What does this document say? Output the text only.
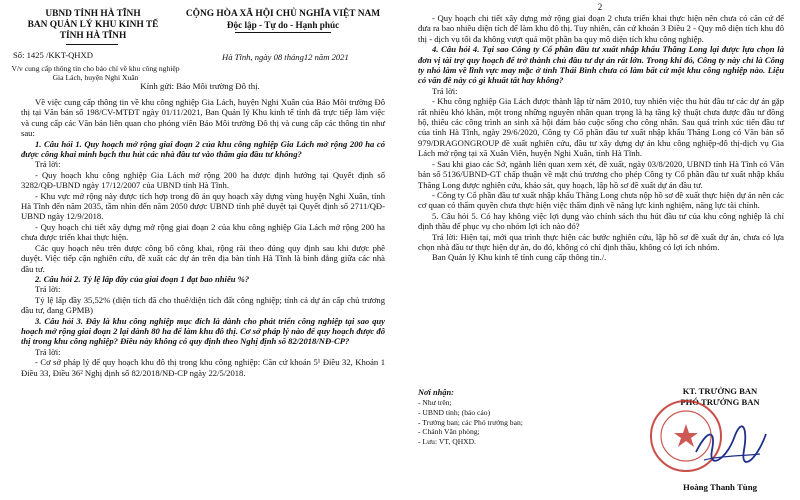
UBND TỈNH HÀ TĨNH
BAN QUẢN LÝ KHU KINH TẾ
TỈNH HÀ TĨNH
CỘNG HÒA XÃ HỘI CHỦ NGHĨA VIỆT NAM
Độc lập - Tự do - Hạnh phúc
Số: 1425 /KKT-QHXD	Hà Tĩnh, ngày 08 tháng12 năm 2021
V/v cung cấp thông tin cho báo chí về khu công nghiệp Gia Lách, huyện Nghi Xuân
Kính gửi: Báo Môi trường Đô thị.
Về việc cung cấp thông tin về khu công nghiệp Gia Lách, huyện Nghi Xuân của Báo Môi trường Đô thị tại Văn bản số 198/CV-MTĐT ngày 01/11/2021, Ban Quản lý Khu kinh tế tỉnh đã trực tiếp làm việc và cung cấp các Văn bản liên quan cho phóng viên Báo Môi trường Đô thị và cung cấp các thông tin như sau:
1. Câu hỏi 1. Quy hoạch mở rộng giai đoạn 2 của khu công nghiệp Gia Lách mở rộng 200 ha có được công khai minh bạch thu hút các nhà đầu tư vào thăm gia đầu tư không?
Trả lời:
- Quy hoạch khu công nghiệp Gia Lách mở rộng 200 ha được định hướng tại Quyết định số 3282/QĐ-UBND ngày 17/12/2007 của UBND tỉnh Hà Tĩnh.
- Khu vực mở rộng này được tích hợp trong đồ án quy hoạch xây dựng vùng huyện Nghi Xuân, tỉnh Hà Tĩnh đến năm 2035, tầm nhìn đến năm 2050 được UBND tỉnh phê duyệt tại Quyết định số 2711/QĐ-UBND ngày 12/9/2018.
- Quy hoạch chi tiết xây dựng mở rộng giai đoạn 2 của khu công nghiệp Gia Lách mở rộng 200 ha chưa được triển khai thực hiện.
Các quy hoạch nêu trên được công bố công khai, rộng rãi theo đúng quy định sau khi được phê duyệt. Việc tiếp cận nghiên cứu, đề xuất các dự án trên địa bàn tỉnh Hà Tĩnh là bình đẳng giữa các nhà đầu tư.
2. Câu hỏi 2. Tỷ lệ lấp đầy của giai đoạn 1 đạt bao nhiêu %?
Trả lời:
Tỷ lệ lấp đầy 35,52% (diện tích đã cho thuê/diện tích đất công nghiệp; tính cả dự án cấp chủ trương đầu tư, đang GPMB)
3. Câu hỏi 3. Đây là khu công nghiệp mục đích là dành cho phát triển công nghiệp tại sao quy hoạch mở rộng giai đoạn 2 lại dành 80 ha để làm khu đô thị. Cơ sở pháp lý nào để quy hoạch được đô thị trong khu công nghiệp? Điều này không có quy định theo Nghị định số 82/2018/NĐ-CP?
Trả lời:
- Cơ sở pháp lý để quy hoạch khu đô thị trong khu công nghiệp: Căn cứ khoản 5¹ Điều 32, Khoản 1 Điều 33, Điều 36² Nghị định số 82/2018/NĐ-CP ngày 22/5/2018.
2
- Quy hoạch chi tiết xây dựng mở rộng giai đoạn 2 chưa triển khai thực hiện nên chưa có căn cứ để đưa ra bao nhiêu diện tích để làm khu đô thị. Tuy nhiên, căn cứ khoản 3 Điều 2 - Quy mô diện tích khu đô thị - dịch vụ tối đa không vượt quá một phần ba quy mô diện tích khu công nghiệp.
4. Câu hỏi 4. Tại sao Công ty Cổ phần đầu tư xuất nhập khẩu Thăng Long lại được lựa chọn là đơn vị tài trợ quy hoạch để trở thành chủ đầu tư dự án rất lớn. Trong khi đó, Công ty này chỉ là Công ty nhỏ làm về lĩnh vực may mặc ở tỉnh Thái Bình chưa có làm bất cứ một khu công nghiệp nào. Liệu có vấn đề này có gì khuất tất hay không?
Trả lời:
- Khu công nghiệp Gia Lách được thành lập từ năm 2010, tuy nhiên việc thu hút đầu tư các dự án gặp rất nhiều khó khăn, một trong những nguyên nhân quan trọng là hạ tầng kỹ thuật chưa được đầu tư đồng bộ, thiếu các công trình an sinh xã hội đảm bảo cuộc sống cho công nhân. Sau quá trình xúc tiến đầu tư của tỉnh Hà Tĩnh, ngày 29/6/2020, Công ty Cổ phần đầu tư xuất nhập khẩu Thăng Long có Văn bản số 979/DRAGONGROUP đề xuất nghiên cứu, đầu tư xây dựng dự án khu công nghiệp-đô thị-dịch vụ Gia Lách mở rộng tại xã Xuân Viên, huyện Nghi Xuân, tỉnh Hà Tĩnh.
- Sau khi giao các Sở, ngành liên quan xem xét, đề xuất, ngày 03/8/2020, UBND tỉnh Hà Tĩnh có Văn bản số 5136/UBND-GT chấp thuận về mặt chủ trương cho phép Công ty Cổ phần đầu tư xuất nhập khẩu Thăng Long được nghiên cứu, khảo sát, quy hoạch, lập hồ sơ đề xuất dự án đầu tư.
- Công ty Cổ phần đầu tư xuất nhập khẩu Thăng Long chưa nộp hồ sơ đề xuất thực hiện dự án nên các cơ quan có thẩm quyền chưa thực hiện việc thẩm định về năng lực kinh nghiệm, năng lực tài chính.
5. Câu hỏi 5. Có hay không việc lợi dụng vào chính sách thu hút đầu tư của khu công nghiệp là chỉ định thầu để phục vụ cho nhóm lợi ích nào đó?
Trả lời: Hiện tại, mới qua trình thực hiện các bước nghiên cứu, lập hồ sơ đề xuất dự án, chưa có lựa chọn nhà đầu tư thực hiện dự án, do đó, không có chỉ định thầu, không có lợi ích nhóm.
Ban Quản lý Khu kinh tế tỉnh cung cấp thông tin./.
Nơi nhận:
- Như trên;
- UBND tỉnh; (báo cáo)
- Trưởng ban; các Phó trưởng ban;
- Chánh Văn phòng;
- Lưu: VT, QHXD.
KT. TRƯỞNG BAN
PHÓ TRƯỞNG BAN
Hoàng Thanh Tùng
